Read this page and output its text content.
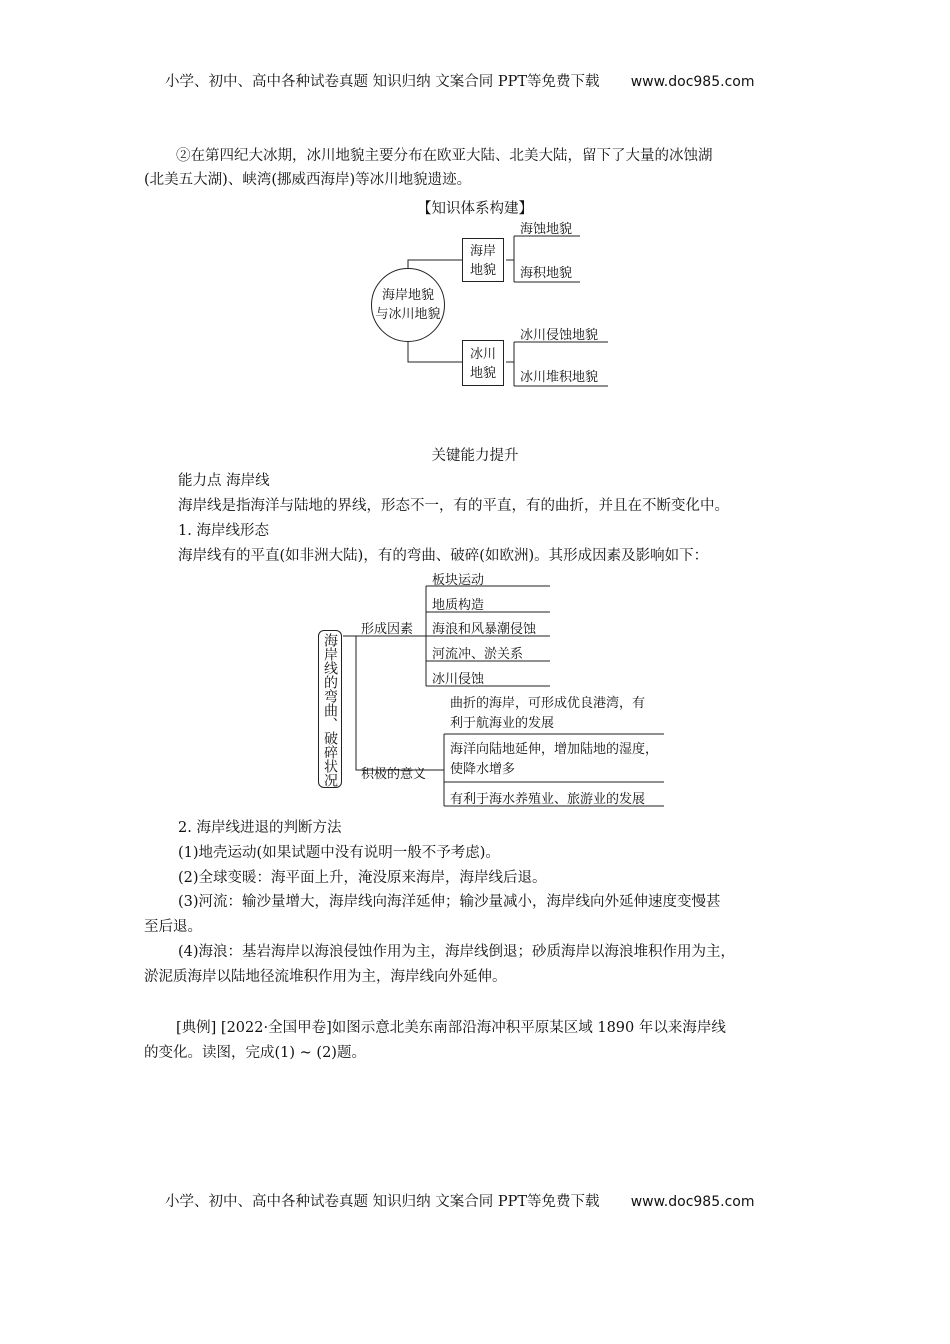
小学、初中、高中各种试卷真题 知识归纳 文案合同 PPT等免费下载 www.doc985.com
②在第四纪大冰期，冰川地貌主要分布在欧亚大陆、北美大陆，留下了大量的冰蚀湖
(北美五大湖)、峡湾(挪威西海岸)等冰川地貌遗迹。
【知识体系构建】
海岸地貌
与冰川地貌
海岸
地貌
冰川
地貌
海蚀地貌
海积地貌
冰川侵蚀地貌
冰川堆积地貌
关键能力提升
能力点 海岸线
海岸线是指海洋与陆地的界线，形态不一，有的平直，有的曲折，并且在不断变化中。
1. 海岸线形态
海岸线有的平直(如非洲大陆)，有的弯曲、破碎(如欧洲)。其形成因素及影响如下：
海岸线的弯曲、破碎状况
形成因素
积极的意义
板块运动
地质构造
海浪和风暴潮侵蚀
河流冲、淤关系
冰川侵蚀
曲折的海岸，可形成优良港湾，有
利于航海业的发展
海洋向陆地延伸，增加陆地的湿度，
使降水增多
有利于海水养殖业、旅游业的发展
2. 海岸线进退的判断方法
(1)地壳运动(如果试题中没有说明一般不予考虑)。
(2)全球变暖：海平面上升，淹没原来海岸，海岸线后退。
(3)河流：输沙量增大，海岸线向海洋延伸；输沙量减小，海岸线向外延伸速度变慢甚
至后退。
(4)海浪：基岩海岸以海浪侵蚀作用为主，海岸线倒退；砂质海岸以海浪堆积作用为主，
淤泥质海岸以陆地径流堆积作用为主，海岸线向外延伸。
[典例] [2022·全国甲卷]如图示意北美东南部沿海冲积平原某区域 1890 年以来海岸线
的变化。读图，完成(1) ~ (2)题。
小学、初中、高中各种试卷真题 知识归纳 文案合同 PPT等免费下载 www.doc985.com
